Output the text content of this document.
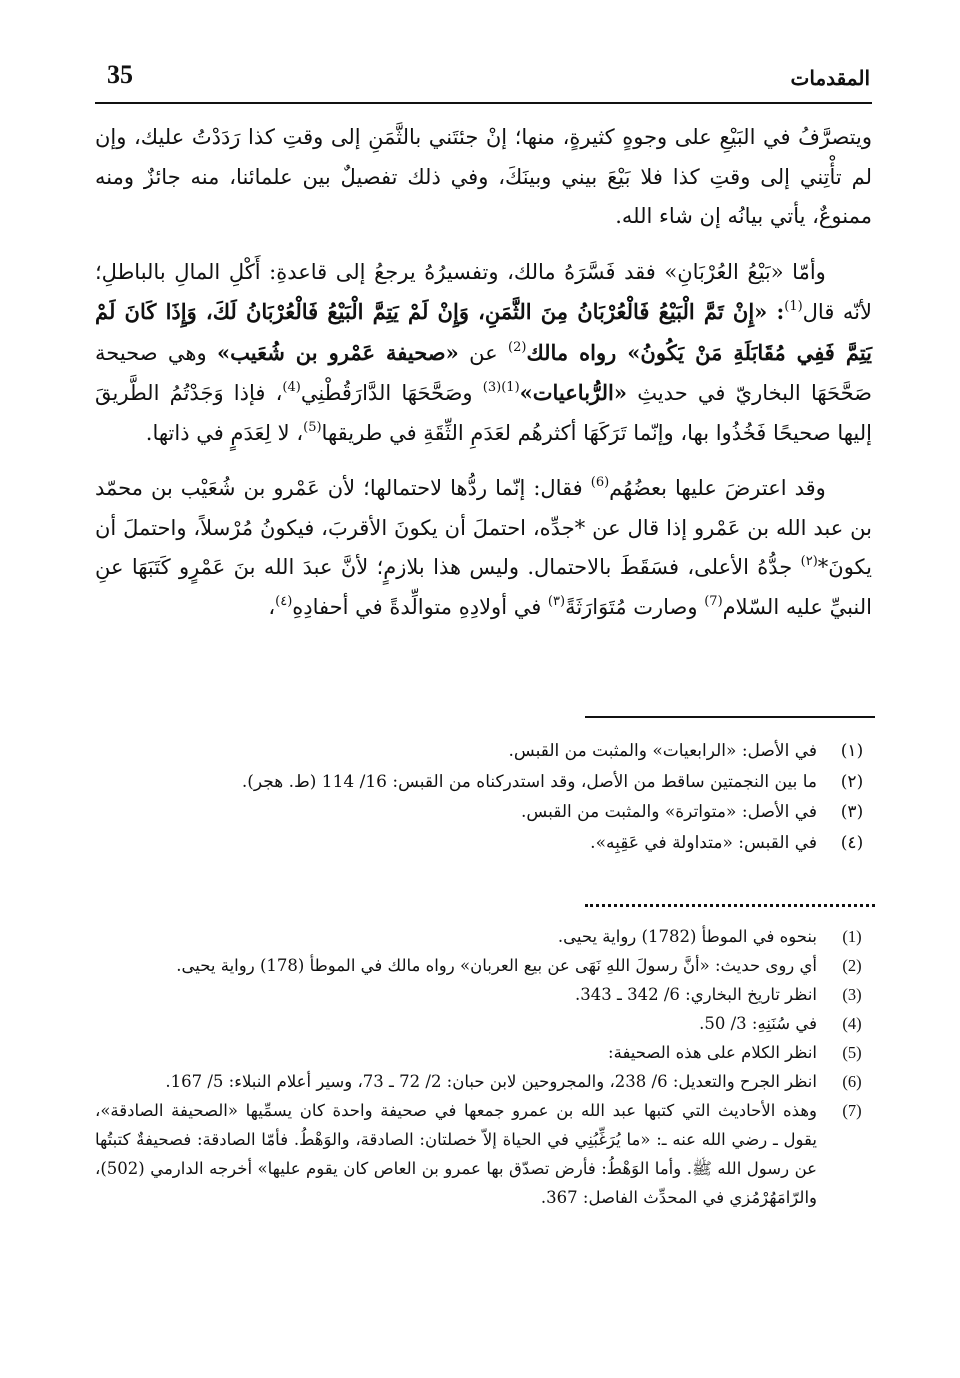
35	المقدمات

ويتصرَّفُ في البَيْعِ على وجوهٍ كثيرةٍ، منها؛ إنْ جئتَني بالثَّمَنِ إلى وقتِ كذا رَدَدْتُ عليك، وإن لم تأْتِني إلى وقتِ كذا فلا بَيْعَ بيني وبينَكَ، وفي ذلك تفصيلٌ بين علمائنا، منه جائزٌ ومنه ممنوعٌ، يأتي بيانُه إن شاء الله.

وأمّا «بَيْعُ العُرْبَانِ» فقد فَسَّرَهُ مالك، وتفسيرُهُ يرجعُ إلى قاعدةِ: أَكْلِ المالِ بالباطلِ؛ لأنّه قال$^{(1)}$: «إِنْ تَمَّ الْبَيْعُ فَالْعُرْبَانُ مِنَ الثَّمَنِ، وَإِنْ لَمْ يَتِمَّ الْبَيْعُ فَالْعُرْبَانُ لَكَ، وَإِذَا كَانَ لَمْ يَتِمَّ فَفِي مُقَابَلَةِ مَنْ يَكُونُ» رواه مالك$^{(2)}$ عن «صحيفة عَمْرو بن شُعَيب» وهي صحيحة صَحَّحَهَا البخاريّ في حديثِ «الرُّباعيات»$^{(1)(3)}$ وصَحَّحَهَا الدَّارَقُطْنِي$^{(4)}$، فإذا وَجَدْتُمُ الطَّريقَ إليها صحيحًا فَخُذُوا بها، وإنّما تَرَكَهَا أكثرهُم لعَدَمِ الثِّقَةِ في طريقها$^{(5)}$، لا لِعَدَمٍ في ذاتها.

وقد اعترضَ عليها بعضُهُم$^{(6)}$ فقال: إنّما ردُّها لاحتمالها؛ لأن عَمْرو بن شُعَيْب بن محمّد بن عبد الله بن عَمْرو إذا قال عن *جدِّه، احتملَ أن يكونَ الأقربَ، فيكونُ مُرْسلاً، واحتملَ أن يكونَ*$^{(٢)}$ جدُّهُ الأعلى، فسَقَطَ بالاحتمال. وليس هذا بلازمٍ؛ لأنَّ عبدَ الله بنَ عَمْرٍو كَتَبَهَا عنِ النبيِّ عليه السّلام$^{(7)}$ وصارت مُتَوَارَثَةً$^{(٣)}$ في أولادِهِ متوالِّدةً في أحفادِهِ$^{(٤)}$،

(١)
في الأصل: «الرابعيات» والمثبت من القبس.
(٢)
ما بين النجمتين ساقط من الأصل، وقد استدركناه من القبس: 16/ 114 (ط. هجر).
(٣)
في الأصل: «متواترة» والمثبت من القبس.
(٤)
في القبس: «متداولة في عَقِبِه».
(1)
بنحوه في الموطأ (1782) رواية يحيى.
(2)
أي روى حديث: «أنَّ رسولَ اللهِ نَهَى عن بيع العربان» رواه مالك في الموطأ (178) رواية يحيى.
(3)
انظر تاريخ البخاري: 6/ 342 ـ 343.
(4)
في سُنَنِهِ: 3/ 50.
(5)
انظر الكلام على هذه الصحيفة:
(6)
انظر الجرح والتعديل: 6/ 238، والمجروحين لابن حبان: 2/ 72 ـ 73، وسير أعلام النبلاء: 5/ 167.
(7)
وهذه الأحاديث التي كتبها عبد الله بن عمرو جمعها في صحيفة واحدة كان يسمِّيها «الصحيفة الصادقة»، يقول ـ رضي الله عنه ـ: «ما يُرَغِّبُنِي في الحياة إلاّ خصلتان: الصادقة، والوَهْطُ. فأمّا الصادقة: فصحيفةٌ كتبتُها عن رسول الله ﷺ. وأما الوَهْطُ: فأرض تصدّق بها عمرو بن العاص كان يقوم عليها» أخرجه الدارمي (502)، والرّامَهُرْمُزي في المحدِّث الفاصل: 367.
